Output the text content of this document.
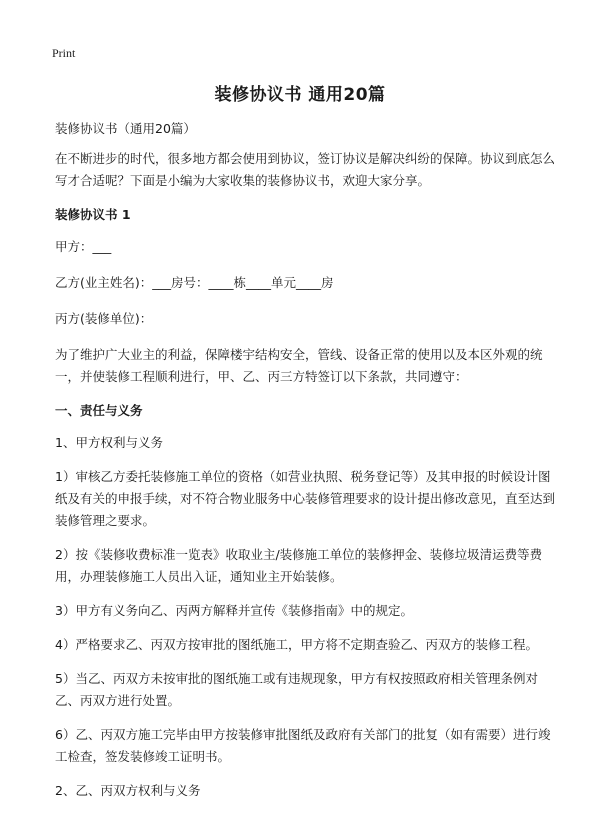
Print
装修协议书 通用20篇

装修协议书（通用20篇）

在不断进步的时代，很多地方都会使用到协议，签订协议是解决纠纷的保障。协议到底怎么写才合适呢？下面是小编为大家收集的装修协议书，欢迎大家分享。

装修协议书 1

甲方：___

乙方(业主姓名)：___房号：____栋____单元____房

丙方(装修单位)：

为了维护广大业主的利益，保障楼宇结构安全，管线、设备正常的使用以及本区外观的统一，并使装修工程顺利进行，甲、乙、丙三方特签订以下条款，共同遵守：

一、责任与义务

1、甲方权利与义务

1）审核乙方委托装修施工单位的资格（如营业执照、税务登记等）及其申报的时候设计图纸及有关的申报手续，对不符合物业服务中心装修管理要求的设计提出修改意见，直至达到装修管理之要求。

2）按《装修收费标准一览表》收取业主/装修施工单位的装修押金、装修垃圾清运费等费用，办理装修施工人员出入证，通知业主开始装修。

3）甲方有义务向乙、丙两方解释并宣传《装修指南》中的规定。

4）严格要求乙、丙双方按审批的图纸施工，甲方将不定期查验乙、丙双方的装修工程。

5）当乙、丙双方未按审批的图纸施工或有违规现象，甲方有权按照政府相关管理条例对乙、丙双方进行处置。

6）乙、丙双方施工完毕由甲方按装修审批图纸及政府有关部门的批复（如有需要）进行竣工检查，签发装修竣工证明书。

2、乙、丙双方权利与义务
